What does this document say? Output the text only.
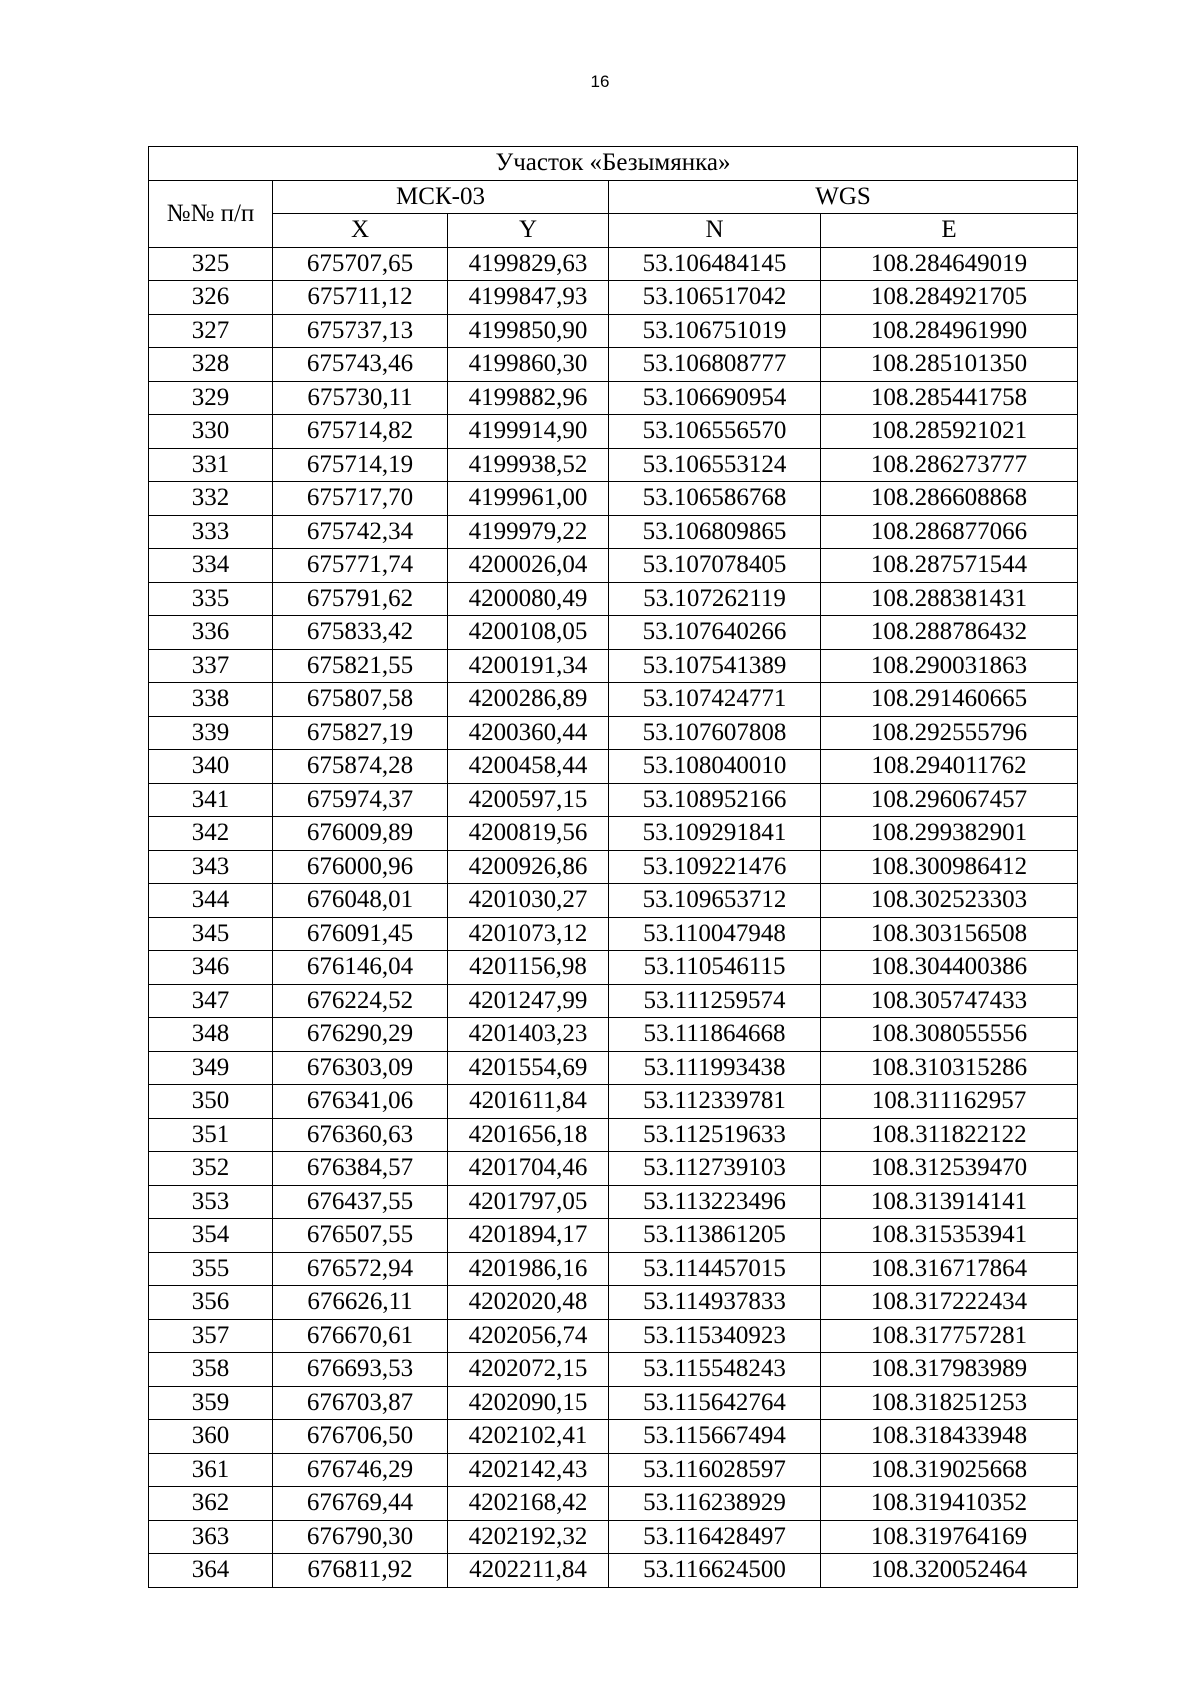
16
Участок «Безымянка»				
№№ п/п	МСК-03		WGS	
	X	Y	N	E
325	675707,65	4199829,63	53.106484145	108.284649019
326	675711,12	4199847,93	53.106517042	108.284921705
327	675737,13	4199850,90	53.106751019	108.284961990
328	675743,46	4199860,30	53.106808777	108.285101350
329	675730,11	4199882,96	53.106690954	108.285441758
330	675714,82	4199914,90	53.106556570	108.285921021
331	675714,19	4199938,52	53.106553124	108.286273777
332	675717,70	4199961,00	53.106586768	108.286608868
333	675742,34	4199979,22	53.106809865	108.286877066
334	675771,74	4200026,04	53.107078405	108.287571544
335	675791,62	4200080,49	53.107262119	108.288381431
336	675833,42	4200108,05	53.107640266	108.288786432
337	675821,55	4200191,34	53.107541389	108.290031863
338	675807,58	4200286,89	53.107424771	108.291460665
339	675827,19	4200360,44	53.107607808	108.292555796
340	675874,28	4200458,44	53.108040010	108.294011762
341	675974,37	4200597,15	53.108952166	108.296067457
342	676009,89	4200819,56	53.109291841	108.299382901
343	676000,96	4200926,86	53.109221476	108.300986412
344	676048,01	4201030,27	53.109653712	108.302523303
345	676091,45	4201073,12	53.110047948	108.303156508
346	676146,04	4201156,98	53.110546115	108.304400386
347	676224,52	4201247,99	53.111259574	108.305747433
348	676290,29	4201403,23	53.111864668	108.308055556
349	676303,09	4201554,69	53.111993438	108.310315286
350	676341,06	4201611,84	53.112339781	108.311162957
351	676360,63	4201656,18	53.112519633	108.311822122
352	676384,57	4201704,46	53.112739103	108.312539470
353	676437,55	4201797,05	53.113223496	108.313914141
354	676507,55	4201894,17	53.113861205	108.315353941
355	676572,94	4201986,16	53.114457015	108.316717864
356	676626,11	4202020,48	53.114937833	108.317222434
357	676670,61	4202056,74	53.115340923	108.317757281
358	676693,53	4202072,15	53.115548243	108.317983989
359	676703,87	4202090,15	53.115642764	108.318251253
360	676706,50	4202102,41	53.115667494	108.318433948
361	676746,29	4202142,43	53.116028597	108.319025668
362	676769,44	4202168,42	53.116238929	108.319410352
363	676790,30	4202192,32	53.116428497	108.319764169
364	676811,92	4202211,84	53.116624500	108.320052464
